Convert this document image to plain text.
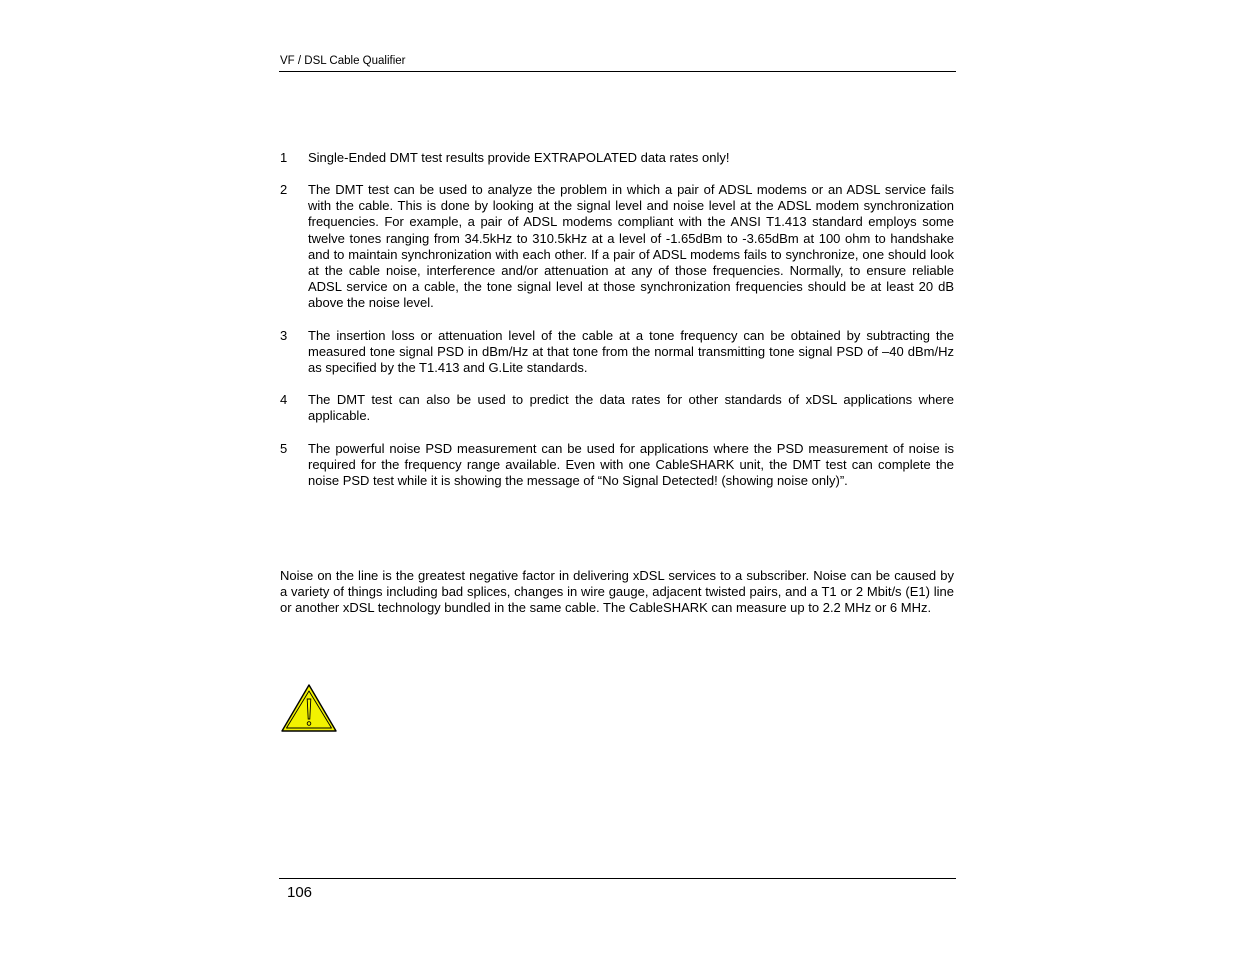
VF / DSL Cable Qualifier
1	Single-Ended DMT test results provide EXTRAPOLATED data rates only!
2	The DMT test can be used to analyze the problem in which a pair of ADSL modems or an ADSL service fails with the cable. This is done by looking at the signal level and noise level at the ADSL modem synchronization frequencies. For example, a pair of ADSL modems compliant with the ANSI T1.413 standard employs some twelve tones ranging from 34.5kHz to 310.5kHz at a level of -1.65dBm to -3.65dBm at 100 ohm to handshake and to maintain synchronization with each other. If a pair of ADSL modems fails to synchronize, one should look at the cable noise, interference and/or attenuation at any of those frequencies. Normally, to ensure reliable ADSL service on a cable, the tone signal level at those synchronization frequencies should be at least 20 dB above the noise level.
3	The insertion loss or attenuation level of the cable at a tone frequency can be obtained by subtracting the measured tone signal PSD in dBm/Hz at that tone from the normal transmitting tone signal PSD of –40 dBm/Hz as specified by the T1.413 and G.Lite standards.
4	The DMT test can also be used to predict the data rates for other standards of xDSL applications where applicable.
5	The powerful noise PSD measurement can be used for applications where the PSD measurement of noise is required for the frequency range available. Even with one CableSHARK unit, the DMT test can complete the noise PSD test while it is showing the message of “No Signal Detected! (showing noise only)”.

Noise on the line is the greatest negative factor in delivering xDSL services to a subscriber. Noise can be caused by a variety of things including bad splices, changes in wire gauge, adjacent twisted pairs, and a T1 or 2 Mbit/s (E1) line or another xDSL technology bundled in the same cable. The CableSHARK can measure up to 2.2 MHz or 6 MHz.

106
